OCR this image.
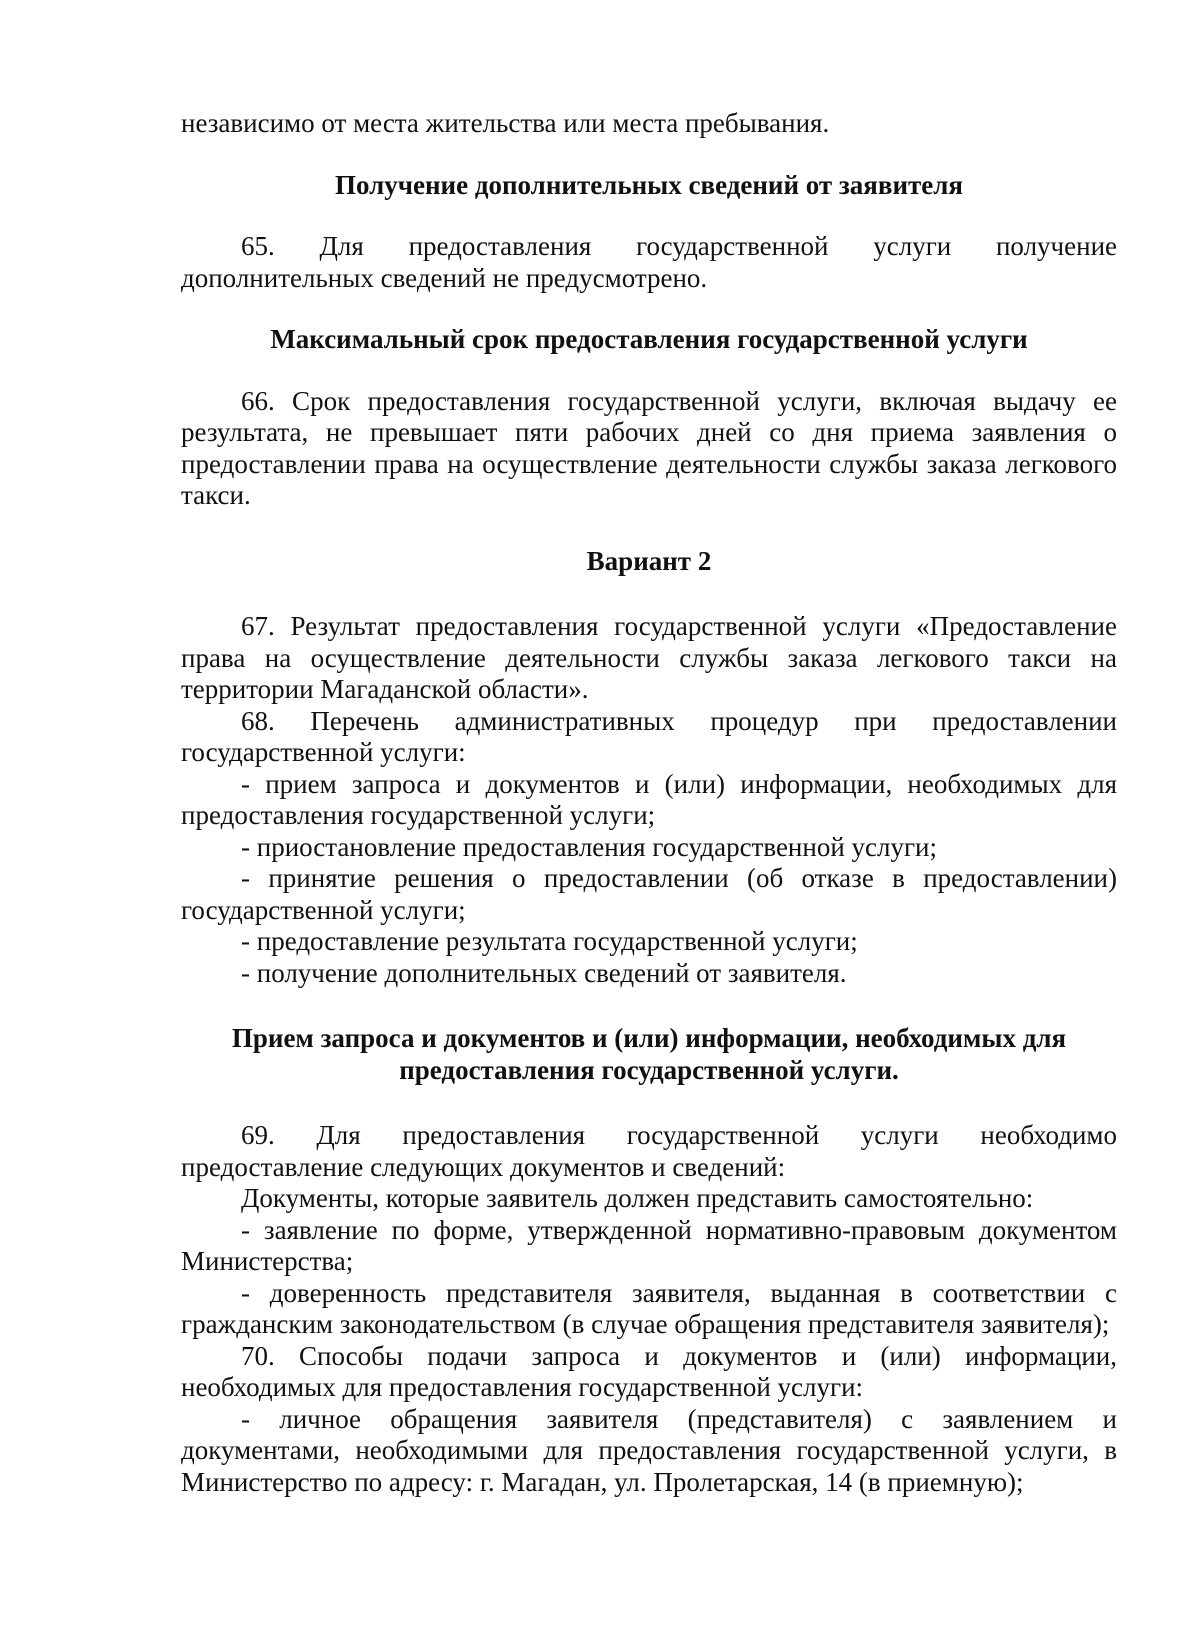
независимо от места жительства или места пребывания.

Получение дополнительных сведений от заявителя

65. Для предоставления государственной услуги получение дополнительных сведений не предусмотрено.

Максимальный срок предоставления государственной услуги

66. Срок предоставления государственной услуги, включая выдачу ее результата, не превышает пяти рабочих дней со дня приема заявления о предоставлении права на осуществление деятельности службы заказа легкового такси.

Вариант 2

67. Результат предоставления государственной услуги «Предоставление права на осуществление деятельности службы заказа легкового такси на территории Магаданской области».

68. Перечень административных процедур при предоставлении государственной услуги:

- прием запроса и документов и (или) информации, необходимых для предоставления государственной услуги;

- приостановление предоставления государственной услуги;

- принятие решения о предоставлении (об отказе в предоставлении) государственной услуги;

- предоставление результата государственной услуги;

- получение дополнительных сведений от заявителя.

Прием запроса и документов и (или) информации, необходимых для
предоставления государственной услуги.

69. Для предоставления государственной услуги необходимо предоставление следующих документов и сведений:

Документы, которые заявитель должен представить самостоятельно:

- заявление по форме, утвержденной нормативно-правовым документом Министерства;

- доверенность представителя заявителя, выданная в соответствии с гражданским законодательством (в случае обращения представителя заявителя);

70. Способы подачи запроса и документов и (или) информации, необходимых для предоставления государственной услуги:

- личное обращения заявителя (представителя) с заявлением и документами, необходимыми для предоставления государственной услуги, в Министерство по адресу: г. Магадан, ул. Пролетарская, 14 (в приемную);
